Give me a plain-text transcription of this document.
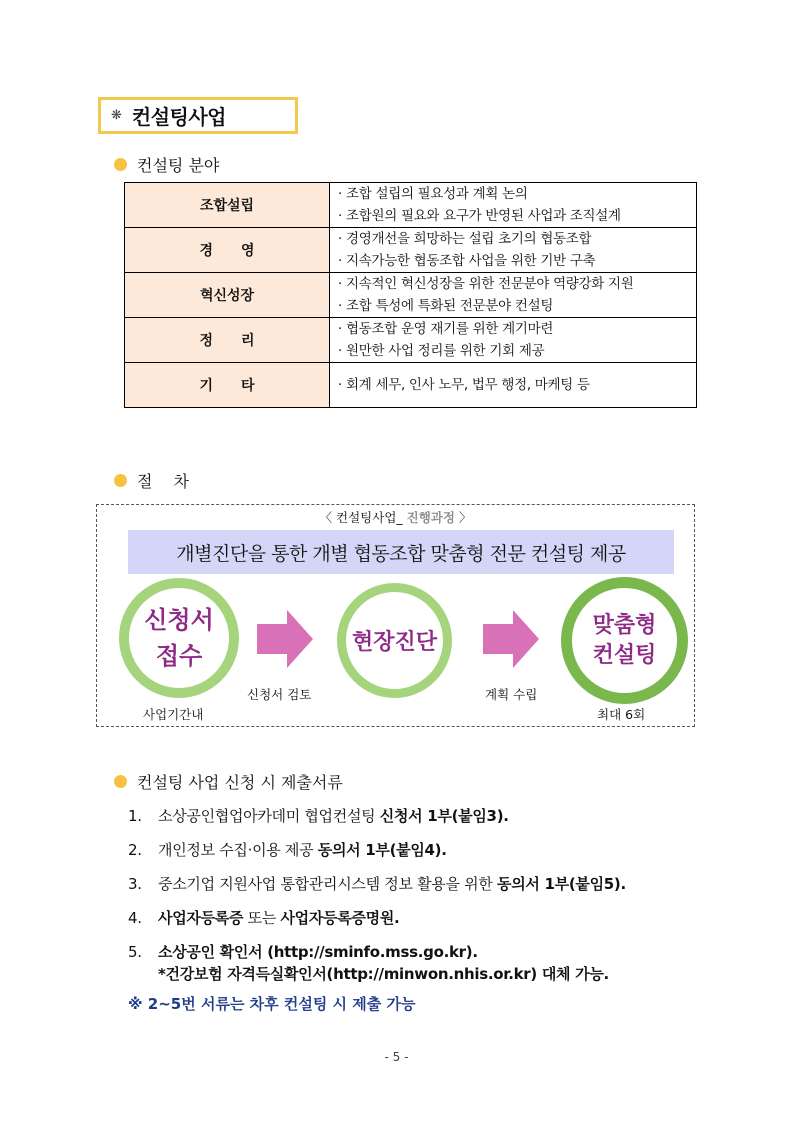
❋ 컨설팅사업
컨설팅 분야
조합설립	· 조합 설립의 필요성과 계획 논의
· 조합원의 필요와 요구가 반영된 사업과 조직설계

경　　영	· 경영개선을 희망하는 설립 초기의 협동조합
· 지속가능한 협동조합 사업을 위한 기반 구축

혁신성장	· 지속적인 혁신성장을 위한 전문분야 역량강화 지원
· 조합 특성에 특화된 전문분야 컨설팅

정　　리	· 협동조합 운영 재기를 위한 계기마련
· 원만한 사업 정리를 위한 기회 제공

기　　타	· 회계 세무, 인사 노무, 법무 행정, 마케팅 등
절　 차
〈 컨설팅사업_ 진행과정 〉
개별진단을 통한 개별 협동조합 맞춤형 전문 컨설팅 제공
신청서
접수	현장진단
맞춤형
컨설팅
신청서 검토	계획 수립
사업기간내	최대 6회
컨설팅 사업 신청 시 제출서류
1. 소상공인협업아카데미 협업컨설팅 신청서 1부(붙임3).
2. 개인정보 수집·이용 제공 동의서 1부(붙임4).
3. 중소기업 지원사업 통합관리시스템 정보 활용을 위한 동의서 1부(붙임5).
4. 사업자등록증 또는 사업자등록증명원.
5. 소상공인 확인서 (http://sminfo.mss.go.kr).
*건강보험 자격득실확인서(http://minwon.nhis.or.kr) 대체 가능.
※ 2~5번 서류는 차후 컨설팅 시 제출 가능
- 5 -
